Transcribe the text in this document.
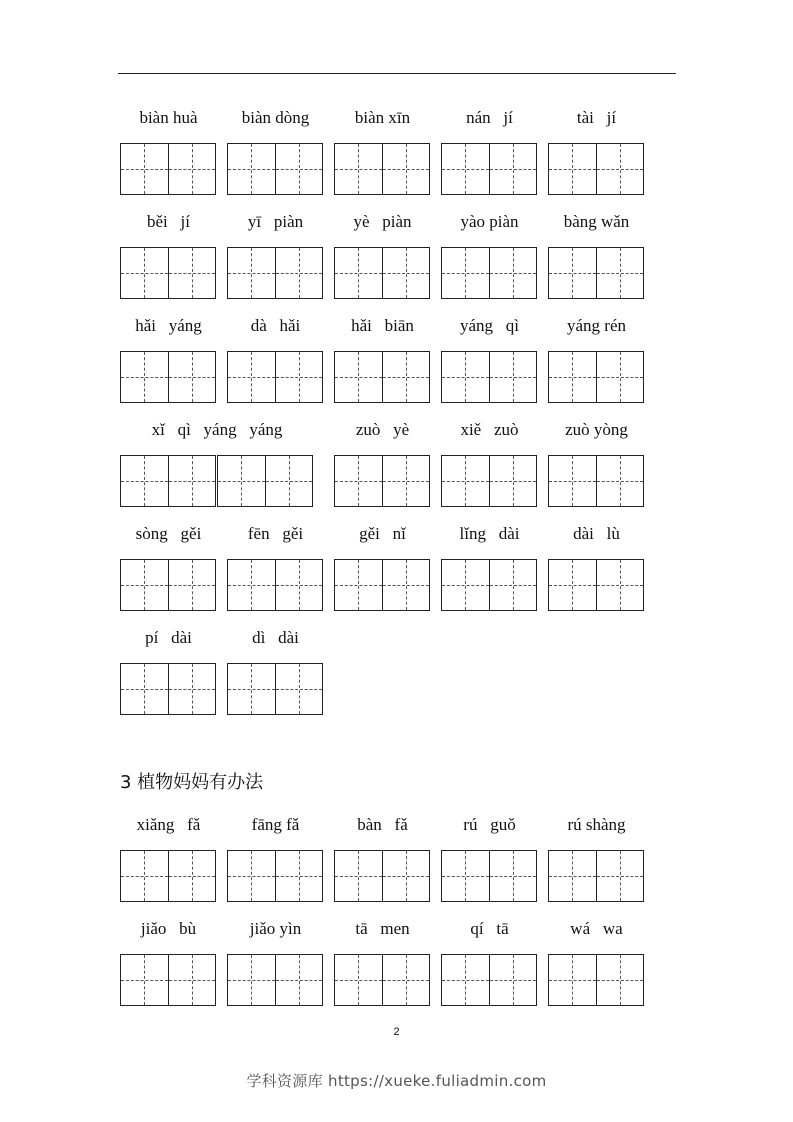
biàn huà	biàn dòng	biàn xīn	nán   jí	tài   jí
běi   jí	yī   piàn	yè   piàn	yào piàn	bàng wǎn
hǎi   yáng	dà   hǎi	hǎi   biān	yáng   qì	yáng rén
xǐ   qì   yáng   yáng	zuò   yè	xiě   zuò	zuò yòng
sòng   gěi	fēn   gěi	gěi   nǐ	lǐng   dài	dài   lù
pí   dài	dì   dài
xiǎng   fǎ	fāng fǎ	bàn   fǎ	rú   guǒ	rú shàng
jiǎo   bù	jiǎo yìn	tā   men	qí   tā	wá   wa
3 植物妈妈有办法
2
学科资源库 https://xueke.fuliadmin.com
